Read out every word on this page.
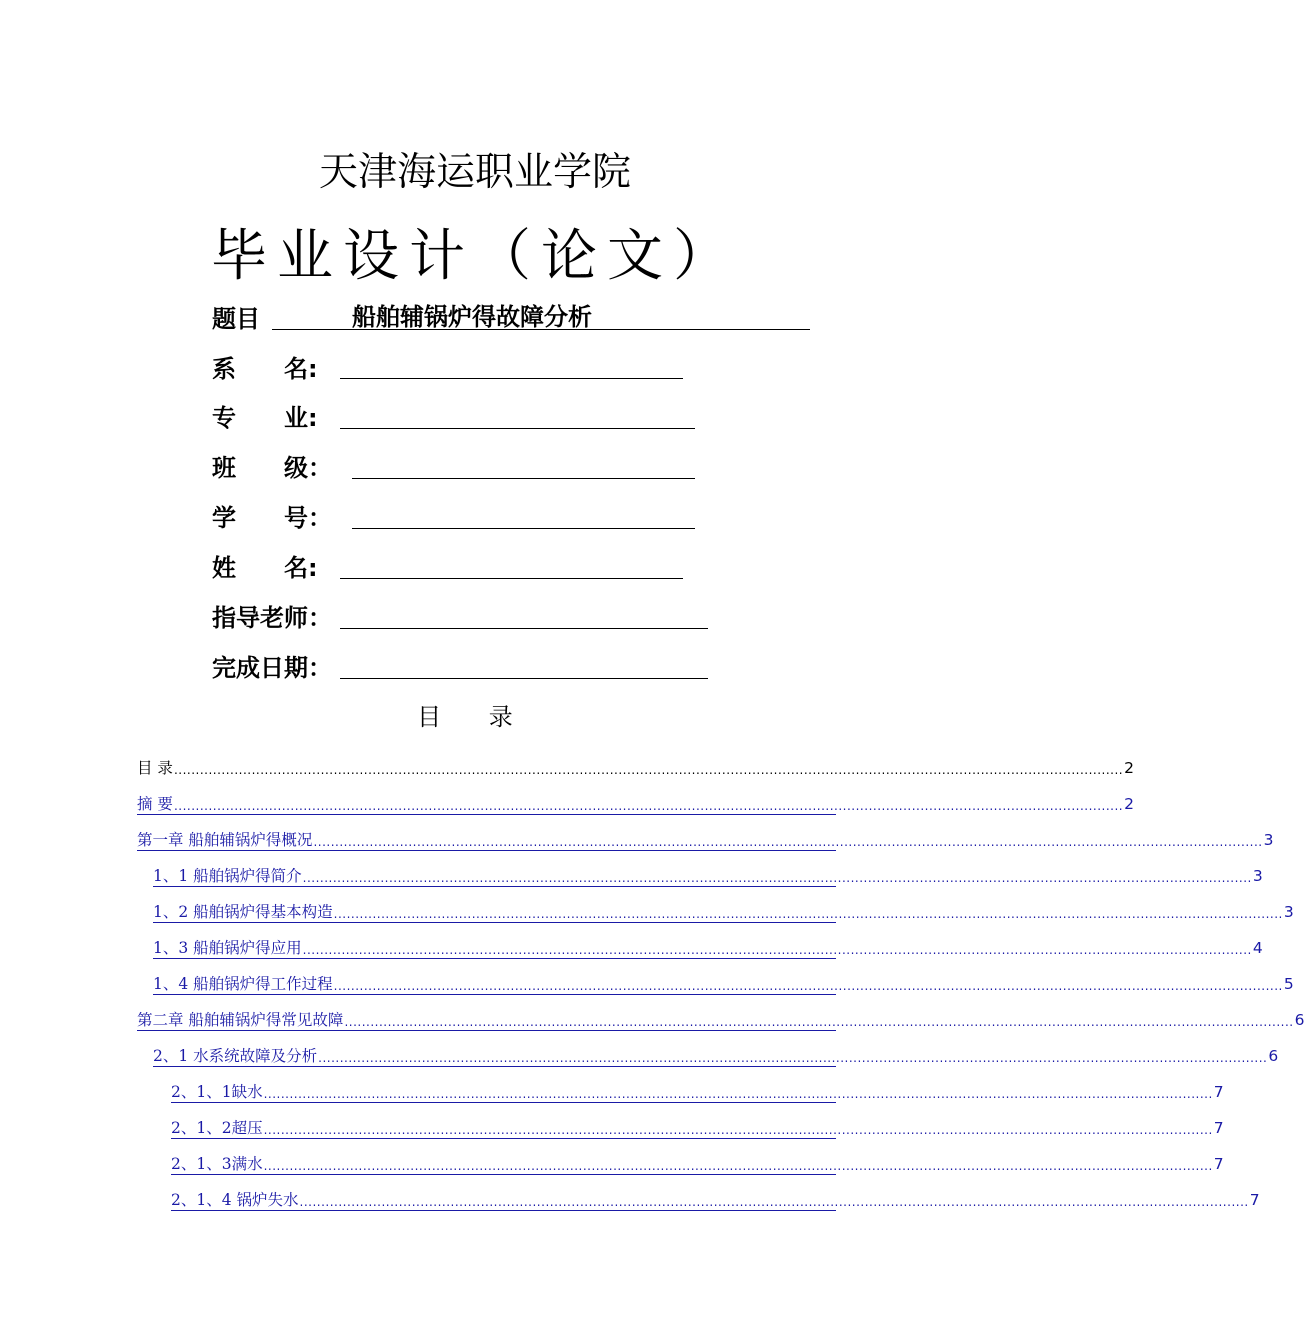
天津海运职业学院
毕业设计（论文）
题目	船舶辅锅炉得故障分析
系　　名:
专　　业:
班　　级：
学　　号：
姓　　名:
指导老师：
完成日期：
目 录
目 录 ............................................................................................................................................................................................................................ 2
摘 要 ............................................................................................................................................................................................................................ 2
第一章 船舶辅锅炉得概况 ............................................................................................................................................................................................................................ 3
1、1 船舶锅炉得简介 ............................................................................................................................................................................................................................ 3
1、2 船舶锅炉得基本构造 ............................................................................................................................................................................................................................ 3
1、3 船舶锅炉得应用 ............................................................................................................................................................................................................................ 4
1、4 船舶锅炉得工作过程 ............................................................................................................................................................................................................................ 5
第二章 船舶辅锅炉得常见故障 ............................................................................................................................................................................................................................ 6
2、1 水系统故障及分析 ............................................................................................................................................................................................................................ 6
2、1、1缺水 ............................................................................................................................................................................................................................ 7
2、1、2超压 ............................................................................................................................................................................................................................ 7
2、1、3满水 ............................................................................................................................................................................................................................ 7
2、1、4 锅炉失水 ............................................................................................................................................................................................................................ 7
